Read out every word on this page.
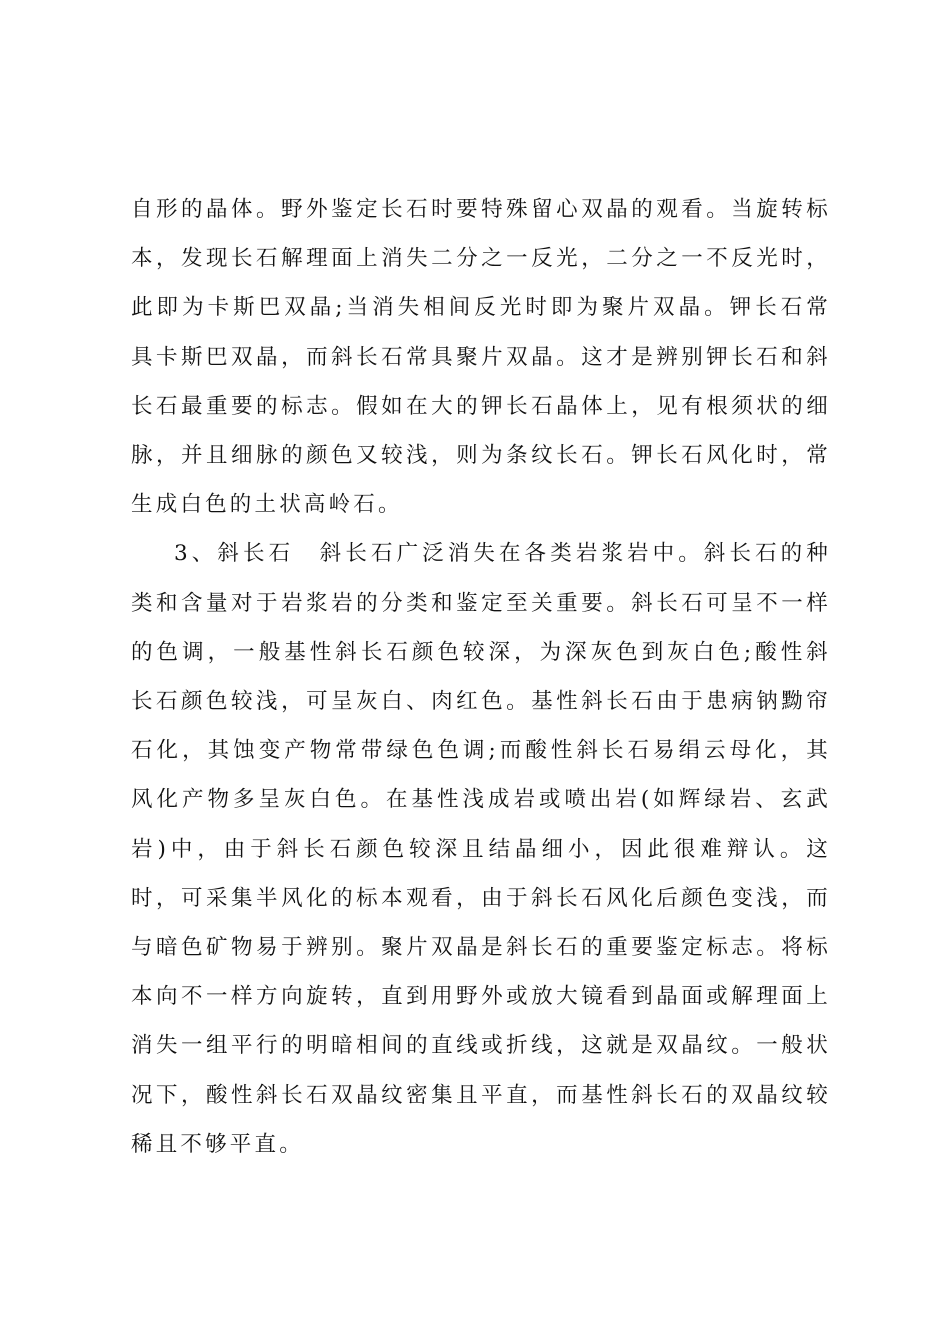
自形的晶体。野外鉴定长石时要特殊留心双晶的观看。当旋转标本，发现长石解理面上消失二分之一反光，二分之一不反光时，此即为卡斯巴双晶;当消失相间反光时即为聚片双晶。钾长石常具卡斯巴双晶，而斜长石常具聚片双晶。这才是辨别钾长石和斜长石最重要的标志。假如在大的钾长石晶体上，见有根须状的细脉，并且细脉的颜色又较浅，则为条纹长石。钾长石风化时，常生成白色的土状高岭石。

3、斜长石　斜长石广泛消失在各类岩浆岩中。斜长石的种类和含量对于岩浆岩的分类和鉴定至关重要。斜长石可呈不一样的色调，一般基性斜长石颜色较深，为深灰色到灰白色;酸性斜长石颜色较浅，可呈灰白、肉红色。基性斜长石由于患病钠黝帘石化，其蚀变产物常带绿色色调;而酸性斜长石易绢云母化，其风化产物多呈灰白色。在基性浅成岩或喷出岩(如辉绿岩、玄武岩)中，由于斜长石颜色较深且结晶细小，因此很难辩认。这时，可采集半风化的标本观看，由于斜长石风化后颜色变浅，而与暗色矿物易于辨别。聚片双晶是斜长石的重要鉴定标志。将标本向不一样方向旋转，直到用野外或放大镜看到晶面或解理面上消失一组平行的明暗相间的直线或折线，这就是双晶纹。一般状况下，酸性斜长石双晶纹密集且平直，而基性斜长石的双晶纹较稀且不够平直。
